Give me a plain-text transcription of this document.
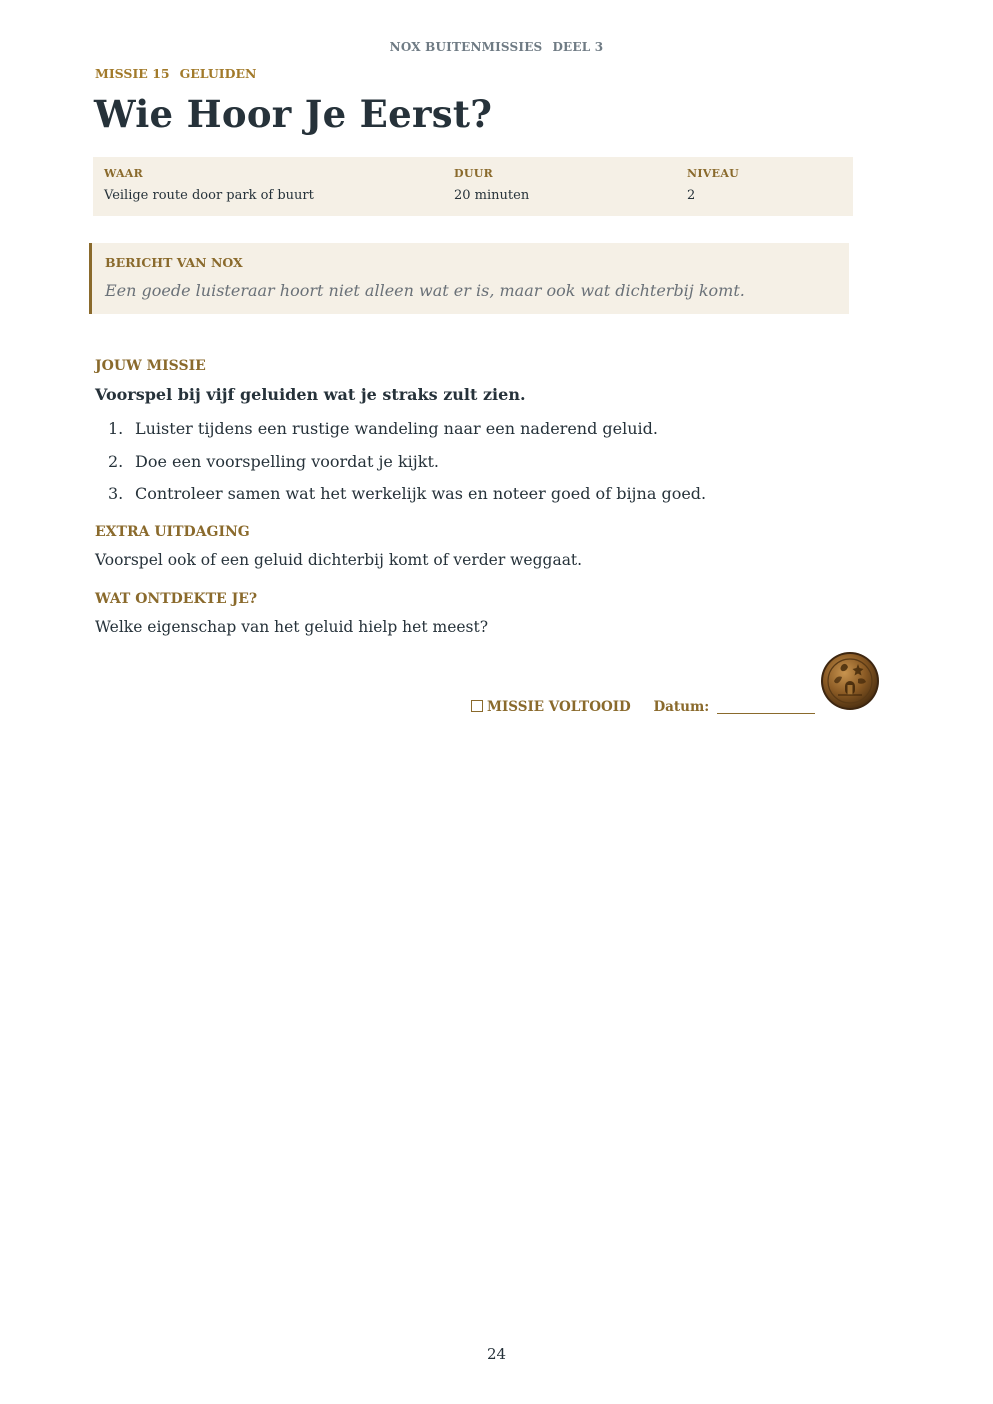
NOX BUITENMISSIES DEEL 3
MISSIE 15 GELUIDEN
Wie Hoor Je Eerst?
WAAR
Veilige route door park of buurt
DUUR
20 minuten
NIVEAU
2
BERICHT VAN NOX
Een goede luisteraar hoort niet alleen wat er is, maar ook wat dichterbij komt.
JOUW MISSIE
Voorspel bij vijf geluiden wat je straks zult zien.
1. Luister tijdens een rustige wandeling naar een naderend geluid.
2. Doe een voorspelling voordat je kijkt.
3. Controleer samen wat het werkelijk was en noteer goed of bijna goed.
EXTRA UITDAGING
Voorspel ook of een geluid dichterbij komt of verder weggaat.
WAT ONTDEKTE JE?
Welke eigenschap van het geluid hielp het meest?
MISSIE VOLTOOID Datum:
24
